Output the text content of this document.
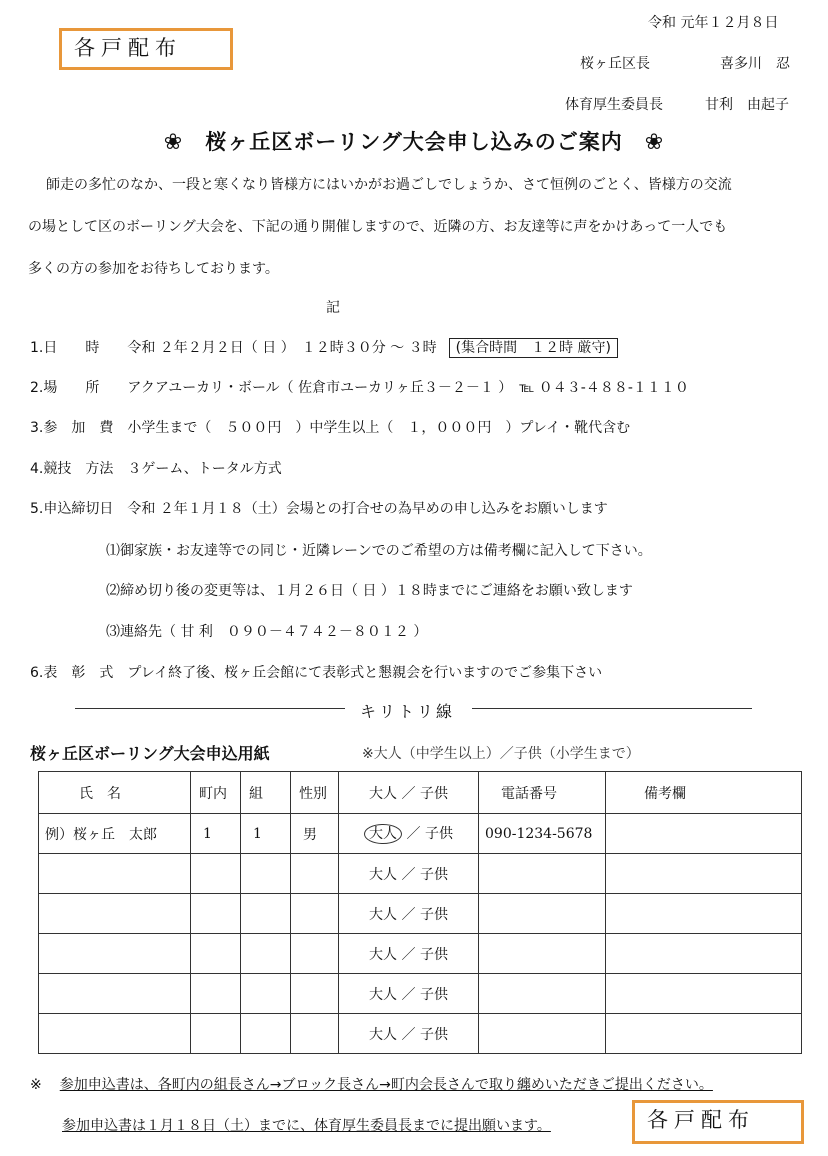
各戸配布
各戸配布
令和 元年１２月８日
桜ヶ丘区長	喜多川　忍
体育厚生委員長	甘利　由起子
❀ 桜ヶ丘区ボーリング大会申し込みのご案内 ❀
師走の多忙のなか、一段と寒くなり皆様方にはいかがお過ごしでしょうか、さて恒例のごとく、皆様方の交流
の場として区のボーリング大会を、下記の通り開催しますので、近隣の方、お友達等に声をかけあって一人でも
多くの方の参加をお待ちしております。
記
1.日　　時　　令和 ２年２月２日（ 日 ）　１２時３０分 ～ ３時 (集合時間　１２時 厳守)
2.場　　所　　アクアユーカリ・ボール（ 佐倉市ユーカリヶ丘３－２－１ ）　℡ ０４３-４８８-１１１０
3.参　加　費　小学生まで（　５００円　）中学生以上（　１，０００円　）プレイ・靴代含む
4.競技　方法　３ゲーム、トータル方式
5.申込締切日　令和 ２年１月１８（土）会場との打合せの為早めの申し込みをお願いします
⑴御家族・お友達等での同じ・近隣レーンでのご希望の方は備考欄に記入して下さい。
⑵締め切り後の変更等は、１月２６日（ 日 ）１８時までにご連絡をお願い致します
⑶連絡先（ 甘 利　０９０－４７４２－８０１２ ）
6.表　彰　式　プレイ終了後、桜ヶ丘会館にて表彰式と懇親会を行いますのでご参集下さい
キリトリ線
桜ヶ丘区ボーリング大会申込用紙	※大人（中学生以上）／子供（小学生まで）
氏　名	町内	組	性別	大人 ／ 子供	電話番号	備考欄
例）桜ヶ丘　太郎	1	1	男	大人 ／ 子供	090-1234-5678	
				大人 ／ 子供		
				大人 ／ 子供		
				大人 ／ 子供		
				大人 ／ 子供		
				大人 ／ 子供		
※ 参加申込書は、各町内の組長さん→ブロック長さん→町内会長さんで取り纏めいただきご提出ください。
参加申込書は１月１８日（土）までに、体育厚生委員長までに提出願います。
